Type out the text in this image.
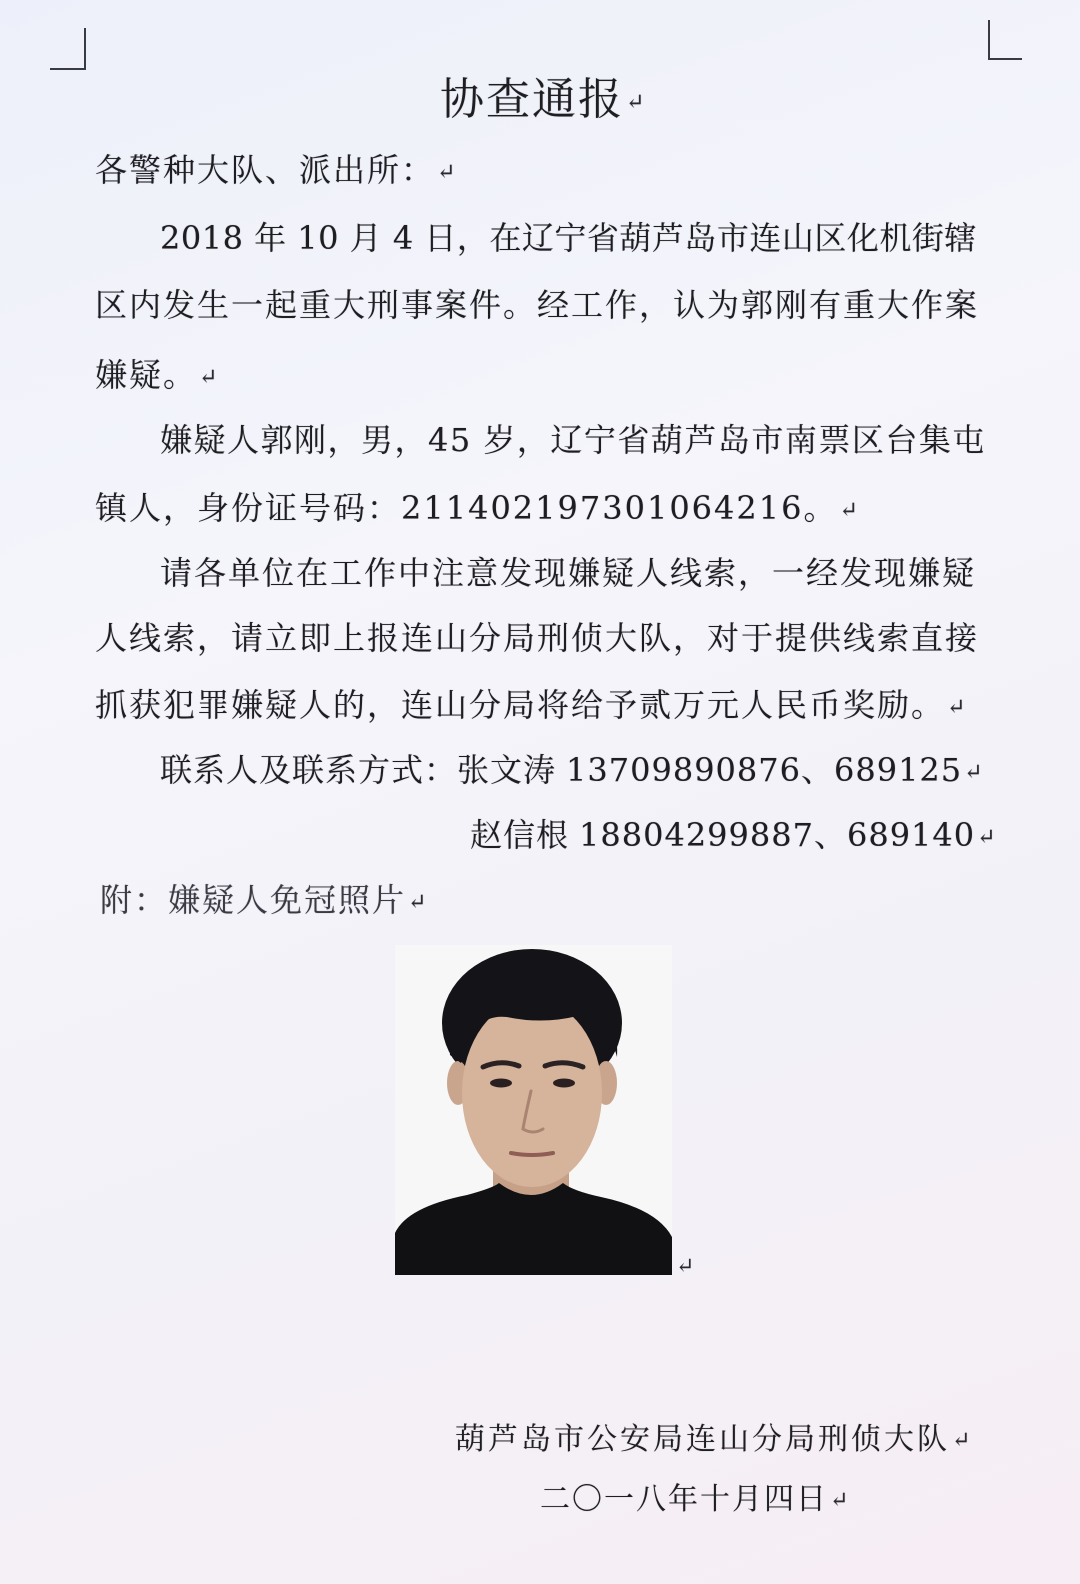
协查通报↵
各警种大队、派出所：↵
2018 年 10 月 4 日，在辽宁省葫芦岛市连山区化机街辖
区内发生一起重大刑事案件。经工作，认为郭刚有重大作案
嫌疑。↵
嫌疑人郭刚，男，45 岁，辽宁省葫芦岛市南票区台集屯
镇人，身份证号码：211402197301064216。↵
请各单位在工作中注意发现嫌疑人线索，一经发现嫌疑
人线索，请立即上报连山分局刑侦大队，对于提供线索直接
抓获犯罪嫌疑人的，连山分局将给予贰万元人民币奖励。↵
联系人及联系方式：张文涛 13709890876、689125↵
赵信根 18804299887、689140↵
附：嫌疑人免冠照片↵
↵
葫芦岛市公安局连山分局刑侦大队↵
二〇一八年十月四日↵
